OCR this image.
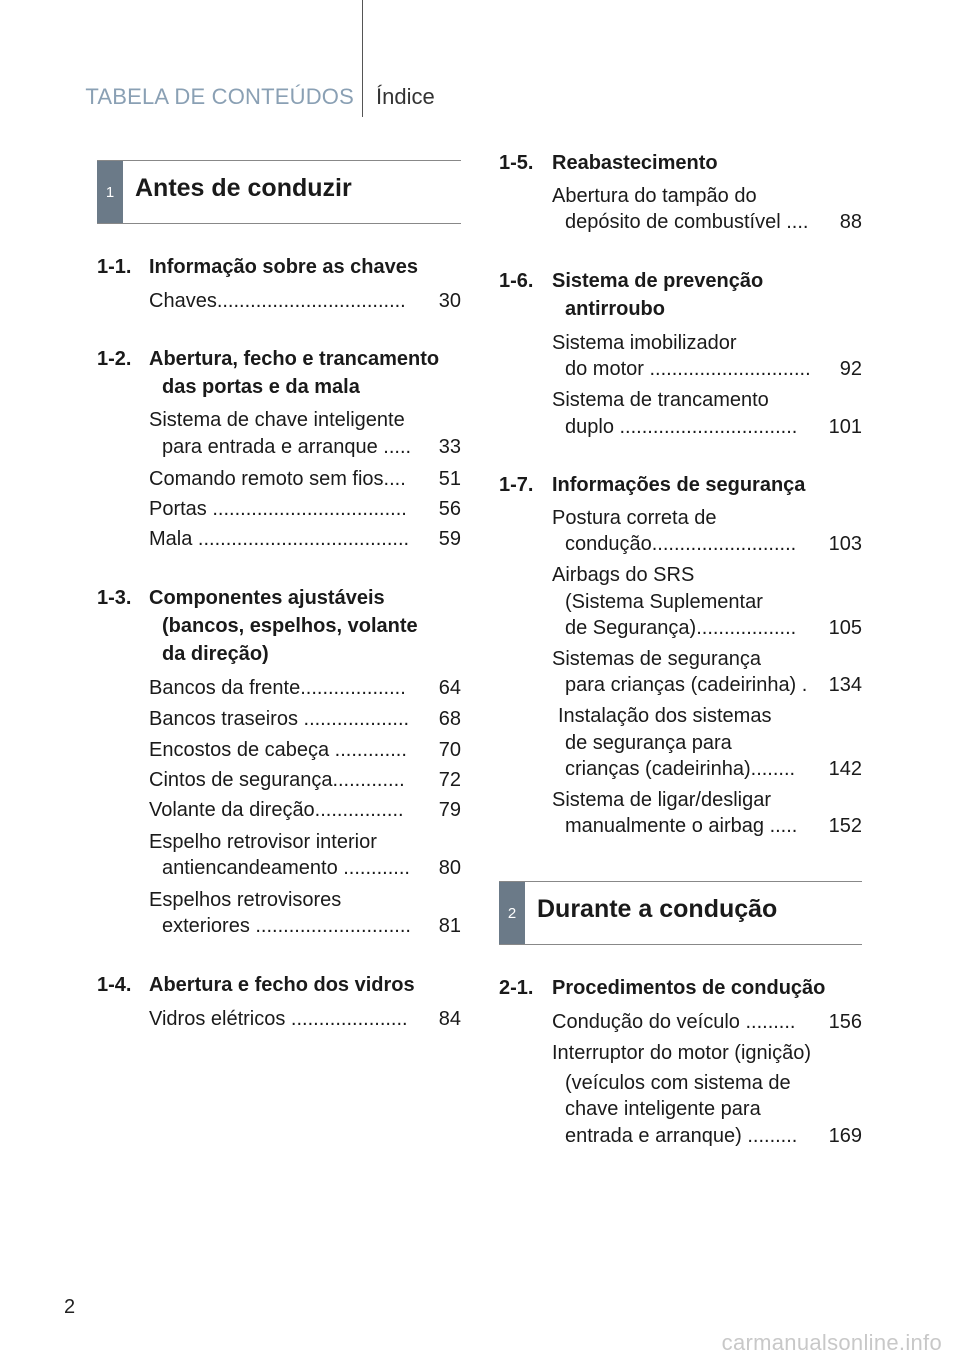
TABELA DE CONTEÚDOS Índice
1 Antes de conduzir
1-1. Informação sobre as chaves
Chaves.................................. 30
1-2. Abertura, fecho e trancamento
das portas e da mala
Sistema de chave inteligente
para entrada e arranque ..... 33
Comando remoto sem fios.... 51
Portas ................................... 56
Mala ...................................... 59
1-3. Componentes ajustáveis
(bancos, espelhos, volante
da direção)
Bancos da frente................... 64
Bancos traseiros ................... 68
Encostos de cabeça ............. 70
Cintos de segurança............. 72
Volante da direção................ 79
Espelho retrovisor interior
antiencandeamento ............ 80
Espelhos retrovisores
exteriores ............................ 81
1-4. Abertura e fecho dos vidros
Vidros elétricos ..................... 84
1-5. Reabastecimento
Abertura do tampão do
depósito de combustível .... 88
1-6. Sistema de prevenção
antirroubo
Sistema imobilizador
do motor ............................. 92
Sistema de trancamento
duplo ................................ 101
1-7. Informações de segurança
Postura correta de
condução.......................... 103
Airbags do SRS
(Sistema Suplementar
de Segurança).................. 105
Sistemas de segurança
para crianças (cadeirinha) . 134
Instalação dos sistemas
de segurança para
crianças (cadeirinha)........ 142
Sistema de ligar/desligar
manualmente o airbag ..... 152
2 Durante a condução
2-1. Procedimentos de condução
Condução do veículo ......... 156
Interruptor do motor (ignição)
(veículos com sistema de
chave inteligente para
entrada e arranque) ......... 169
2
carmanualsonline.info
